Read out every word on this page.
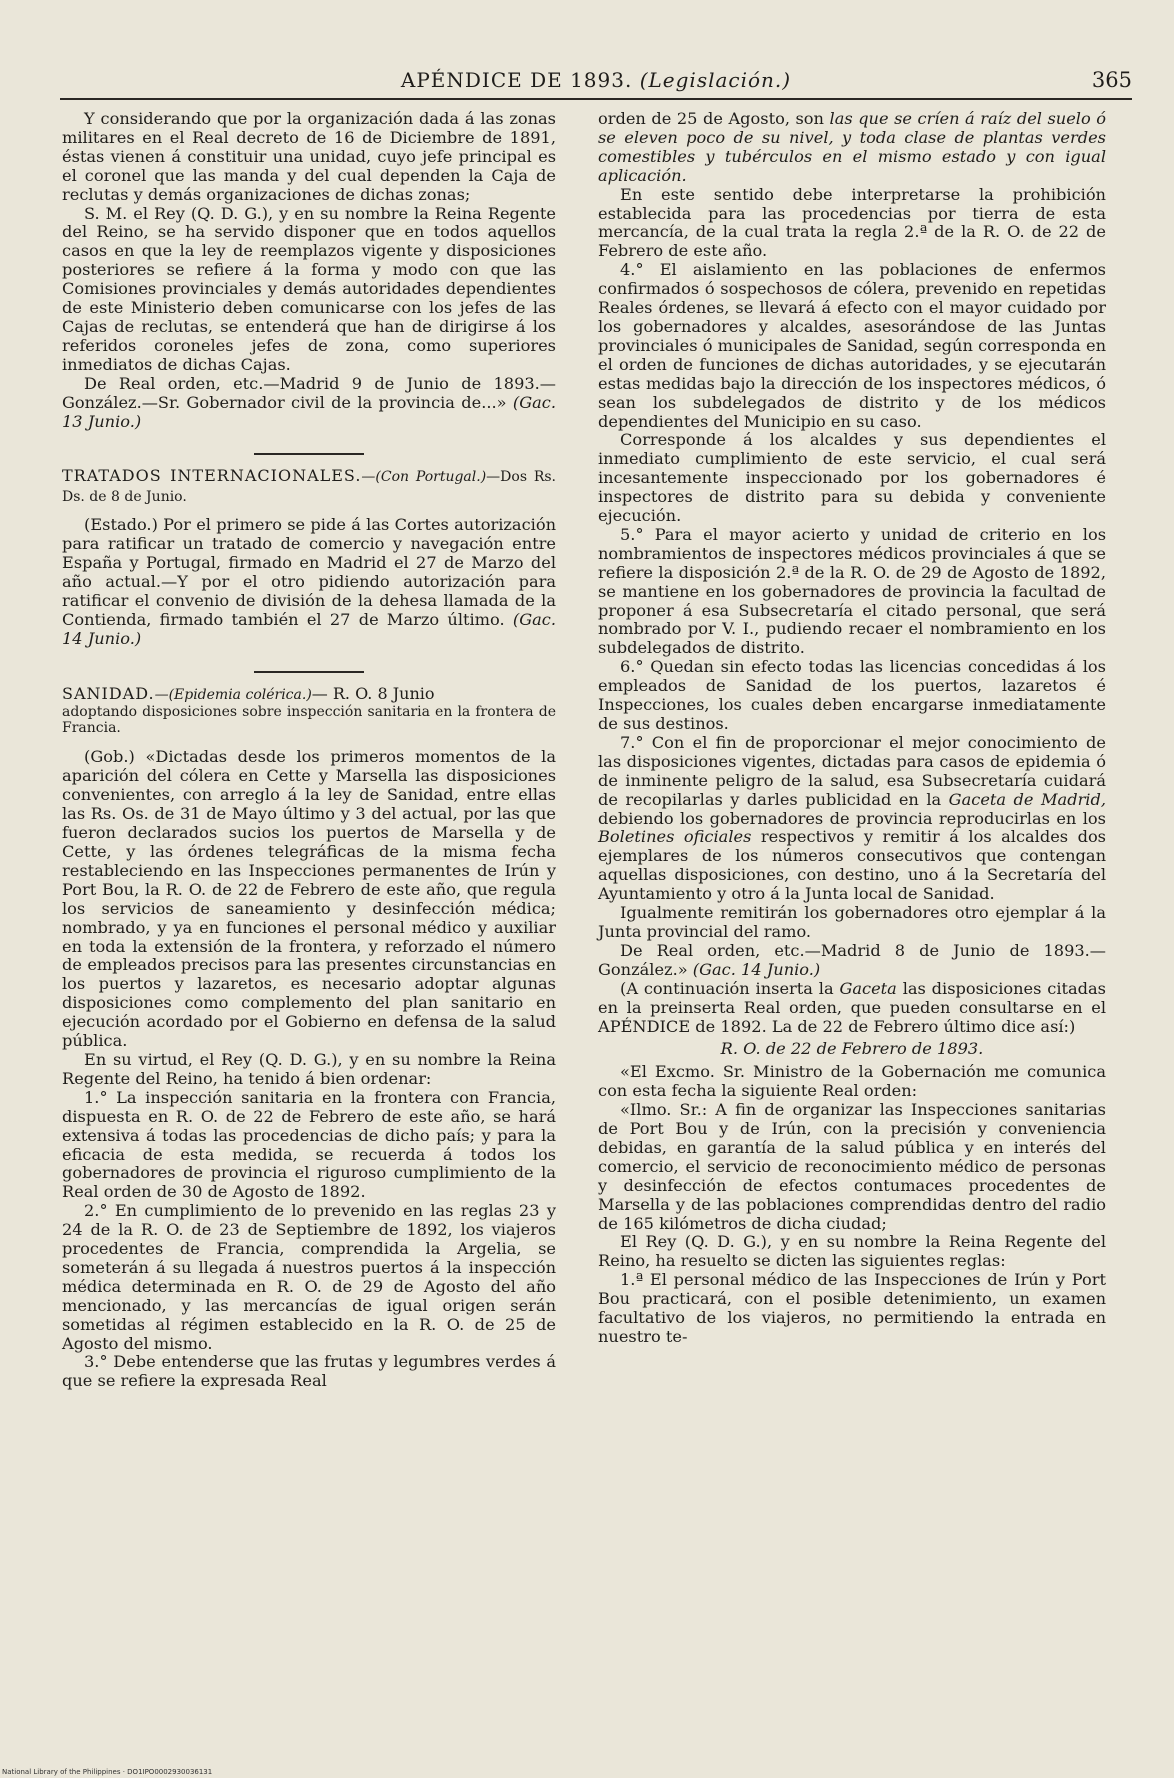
APÉNDICE DE 1893. (Legislación.)	365

Y considerando que por la organización dada á las zonas militares en el Real decreto de 16 de Diciembre de 1891, éstas vienen á constituir una unidad, cuyo jefe principal es el coronel que las manda y del cual dependen la Caja de reclutas y demás organizaciones de dichas zonas;

S. M. el Rey (Q. D. G.), y en su nombre la Reina Regente del Reino, se ha servido disponer que en todos aquellos casos en que la ley de reemplazos vigente y disposiciones posteriores se refiere á la forma y modo con que las Comisiones provinciales y demás autoridades dependientes de este Ministerio deben comunicarse con los jefes de las Cajas de reclutas, se entenderá que han de dirigirse á los referidos coroneles jefes de zona, como superiores inmediatos de dichas Cajas.

De Real orden, etc.—Madrid 9 de Junio de 1893.—González.—Sr. Gobernador civil de la provincia de...» (Gac. 13 Junio.)

TRATADOS INTERNACIONALES.—(Con Portugal.)—Dos Rs. Ds. de 8 de Junio.

(Estado.) Por el primero se pide á las Cortes autorización para ratificar un tratado de comercio y navegación entre España y Portugal, firmado en Madrid el 27 de Marzo del año actual.—Y por el otro pidiendo autorización para ratificar el convenio de división de la dehesa llamada de la Contienda, firmado también el 27 de Marzo último. (Gac. 14 Junio.)

SANIDAD.—(Epidemia colérica.)— R. O. 8 Junio

adoptando disposiciones sobre inspección sanitaria en la frontera de Francia.

(Gob.) «Dictadas desde los primeros momentos de la aparición del cólera en Cette y Marsella las disposiciones convenientes, con arreglo á la ley de Sanidad, entre ellas las Rs. Os. de 31 de Mayo último y 3 del actual, por las que fueron declarados sucios los puertos de Marsella y de Cette, y las órdenes telegráficas de la misma fecha restableciendo en las Inspecciones permanentes de Irún y Port Bou, la R. O. de 22 de Febrero de este año, que regula los servicios de saneamiento y desinfección médica; nombrado, y ya en funciones el personal médico y auxiliar en toda la extensión de la frontera, y reforzado el número de empleados precisos para las presentes circunstancias en los puertos y lazaretos, es necesario adoptar algunas disposiciones como complemento del plan sanitario en ejecución acordado por el Gobierno en defensa de la salud pública.

En su virtud, el Rey (Q. D. G.), y en su nombre la Reina Regente del Reino, ha tenido á bien ordenar:

1.° La inspección sanitaria en la frontera con Francia, dispuesta en R. O. de 22 de Febrero de este año, se hará extensiva á todas las procedencias de dicho país; y para la eficacia de esta medida, se recuerda á todos los gobernadores de provincia el riguroso cumplimiento de la Real orden de 30 de Agosto de 1892.

2.° En cumplimiento de lo prevenido en las reglas 23 y 24 de la R. O. de 23 de Septiembre de 1892, los viajeros procedentes de Francia, comprendida la Argelia, se someterán á su llegada á nuestros puertos á la inspección médica determinada en R. O. de 29 de Agosto del año mencionado, y las mercancías de igual origen serán sometidas al régimen establecido en la R. O. de 25 de Agosto del mismo.

3.° Debe entenderse que las frutas y legumbres verdes á que se refiere la expresada Real

orden de 25 de Agosto, son las que se críen á raíz del suelo ó se eleven poco de su nivel, y toda clase de plantas verdes comestibles y tubérculos en el mismo estado y con igual aplicación.

En este sentido debe interpretarse la prohibición establecida para las procedencias por tierra de esta mercancía, de la cual trata la regla 2.ª de la R. O. de 22 de Febrero de este año.

4.° El aislamiento en las poblaciones de enfermos confirmados ó sospechosos de cólera, prevenido en repetidas Reales órdenes, se llevará á efecto con el mayor cuidado por los gobernadores y alcaldes, asesorándose de las Juntas provinciales ó municipales de Sanidad, según corresponda en el orden de funciones de dichas autoridades, y se ejecutarán estas medidas bajo la dirección de los inspectores médicos, ó sean los subdelegados de distrito y de los médicos dependientes del Municipio en su caso.

Corresponde á los alcaldes y sus dependientes el inmediato cumplimiento de este servicio, el cual será incesantemente inspeccionado por los gobernadores é inspectores de distrito para su debida y conveniente ejecución.

5.° Para el mayor acierto y unidad de criterio en los nombramientos de inspectores médicos provinciales á que se refiere la disposición 2.ª de la R. O. de 29 de Agosto de 1892, se mantiene en los gobernadores de provincia la facultad de proponer á esa Subsecretaría el citado personal, que será nombrado por V. I., pudiendo recaer el nombramiento en los subdelegados de distrito.

6.° Quedan sin efecto todas las licencias concedidas á los empleados de Sanidad de los puertos, lazaretos é Inspecciones, los cuales deben encargarse inmediatamente de sus destinos.

7.° Con el fin de proporcionar el mejor conocimiento de las disposiciones vigentes, dictadas para casos de epidemia ó de inminente peligro de la salud, esa Subsecretaría cuidará de recopilarlas y darles publicidad en la Gaceta de Madrid, debiendo los gobernadores de provincia reproducirlas en los Boletines oficiales respectivos y remitir á los alcaldes dos ejemplares de los números consecutivos que contengan aquellas disposiciones, con destino, uno á la Secretaría del Ayuntamiento y otro á la Junta local de Sanidad.

Igualmente remitirán los gobernadores otro ejemplar á la Junta provincial del ramo.

De Real orden, etc.—Madrid 8 de Junio de 1893.—González.» (Gac. 14 Junio.)

(A continuación inserta la Gaceta las disposiciones citadas en la preinserta Real orden, que pueden consultarse en el APÉNDICE de 1892. La de 22 de Febrero último dice así:)

R. O. de 22 de Febrero de 1893.

«El Excmo. Sr. Ministro de la Gobernación me comunica con esta fecha la siguiente Real orden:

«Ilmo. Sr.: A fin de organizar las Inspecciones sanitarias de Port Bou y de Irún, con la precisión y conveniencia debidas, en garantía de la salud pública y en interés del comercio, el servicio de reconocimiento médico de personas y desinfección de efectos contumaces procedentes de Marsella y de las poblaciones comprendidas dentro del radio de 165 kilómetros de dicha ciudad;

El Rey (Q. D. G.), y en su nombre la Reina Regente del Reino, ha resuelto se dicten las siguientes reglas:

1.ª El personal médico de las Inspecciones de Irún y Port Bou practicará, con el posible detenimiento, un examen facultativo de los viajeros, no permitiendo la entrada en nuestro te-

National Library of the Philippines · DO1IPO0002930036131
